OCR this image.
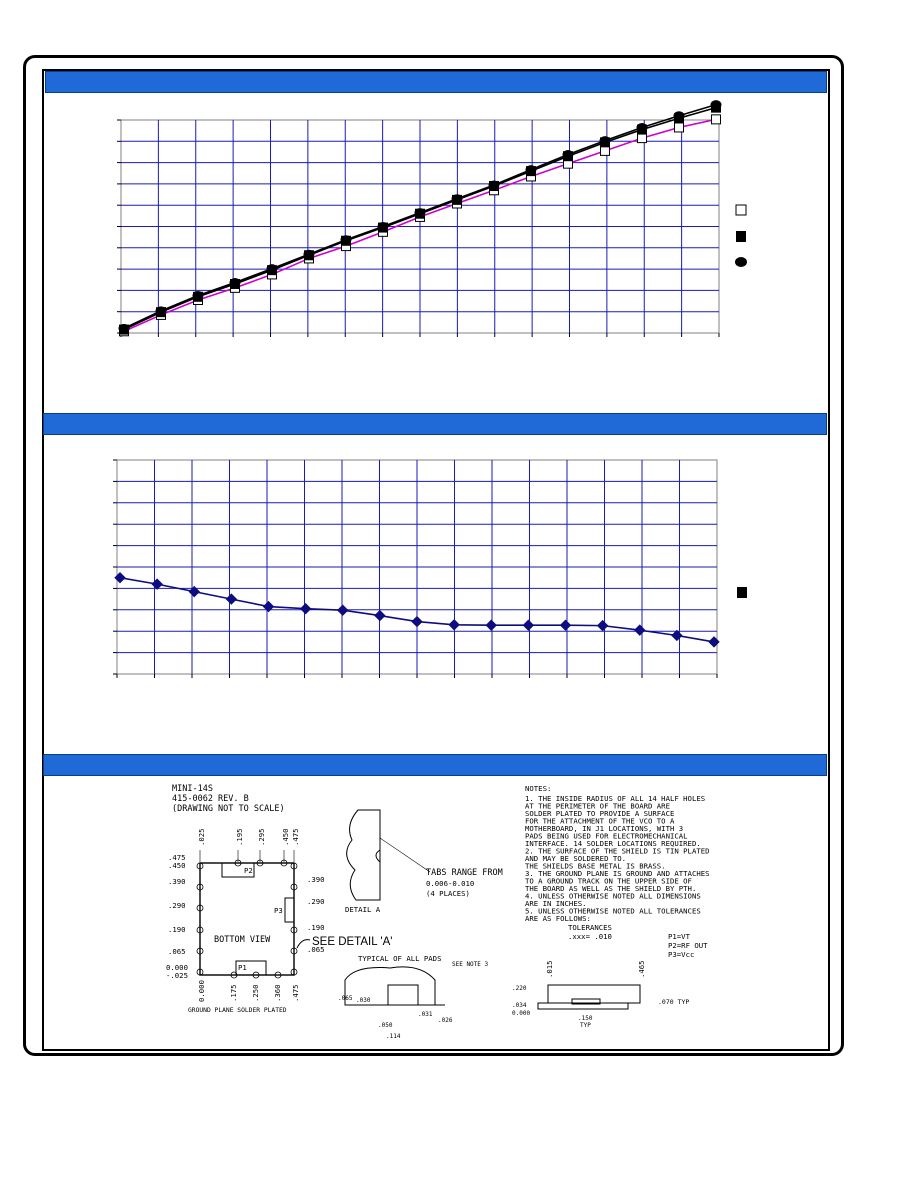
MINI-14S
415-0062 REV. B
(DRAWING NOT TO SCALE)
P2
P3
P1
BOTTOM VIEW
.025	.195 .295 .450 .475
.475
.450
.390
.290
.190
.065
0.000
-.025
.390
.290
.190
.065
0.000	.175 .250 .360 .475
GROUND PLANE SOLDER PLATED
SEE DETAIL 'A'
DETAIL A
TABS RANGE FROM
0.006-0.010
(4 PLACES)
TYPICAL OF ALL PADS
SEE NOTE 3
.065 .030
.031
.050
.026
.114
NOTES:
1. THE INSIDE RADIUS OF ALL 14 HALF HOLES
AT THE PERIMETER OF THE BOARD ARE
SOLDER PLATED TO PROVIDE A SURFACE
FOR THE ATTACHMENT OF THE VCO TO A
MOTHERBOARD, IN J1 LOCATIONS, WITH 3
PADS BEING USED FOR ELECTROMECHANICAL
INTERFACE. 14 SOLDER LOCATIONS REQUIRED.
2. THE SURFACE OF THE SHIELD IS TIN PLATED
AND MAY BE SOLDERED TO.
THE SHIELDS BASE METAL IS BRASS.
3. THE GROUND PLANE IS GROUND AND ATTACHES
TO A GROUND TRACK ON THE UPPER SIDE OF
THE BOARD AS WELL AS THE SHIELD BY PTH.
4. UNLESS OTHERWISE NOTED ALL DIMENSIONS
ARE IN INCHES.
5. UNLESS OTHERWISE NOTED ALL TOLERANCES
ARE AS FOLLOWS:
TOLERANCES
.xxx= .010	P1=VT
P2=RF OUT
P3=Vcc
.015	.465
.220
.034
0.000
.070 TYP
.150
TYP
